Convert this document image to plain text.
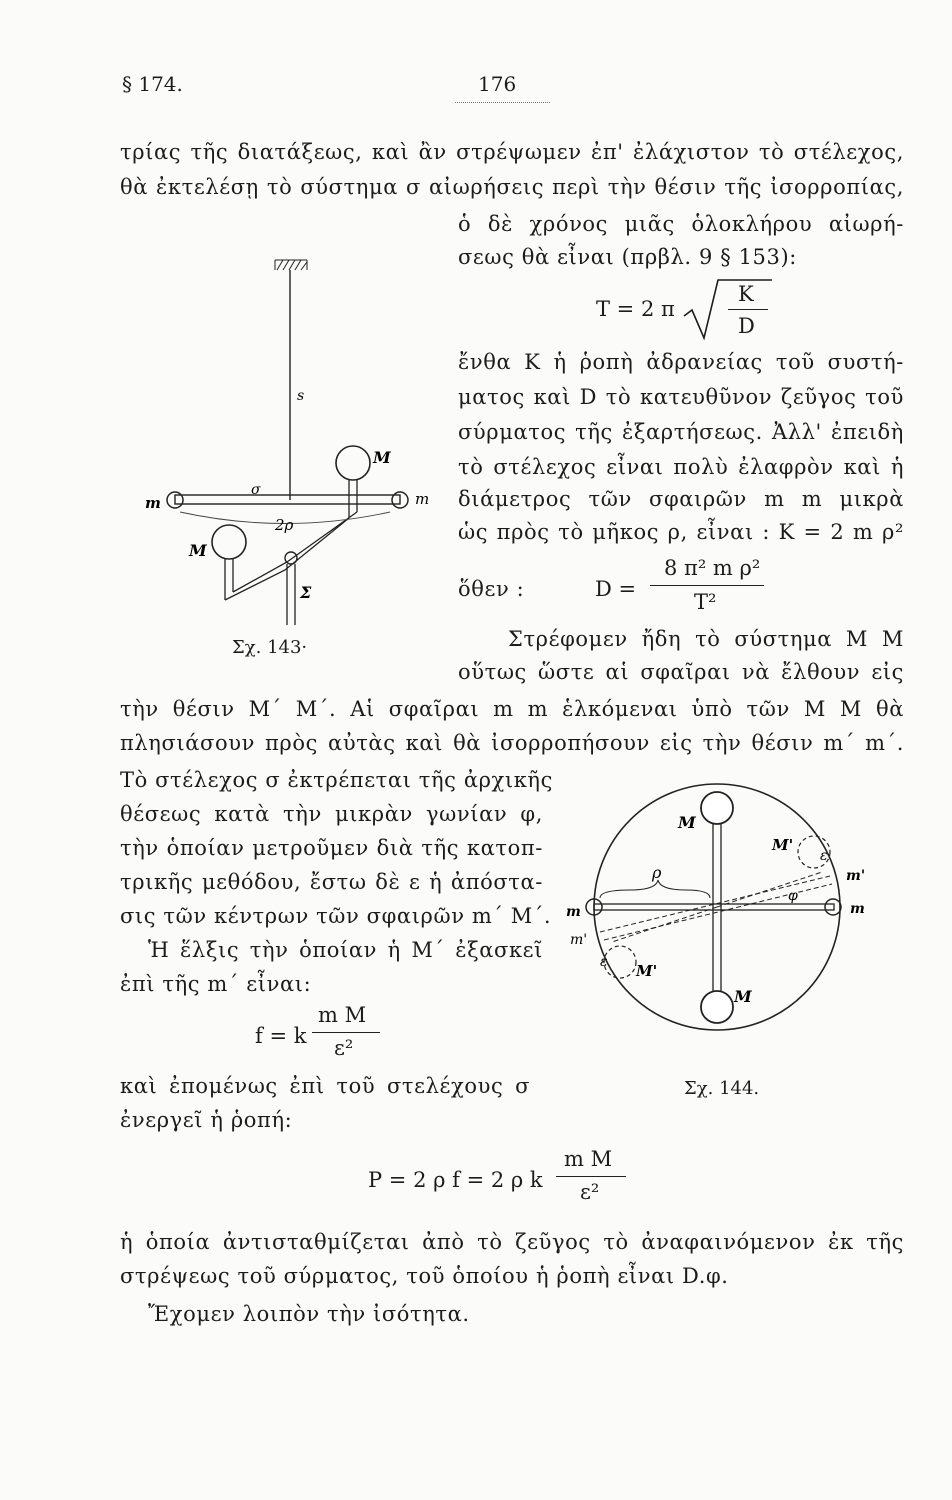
§ 174.	176
τρίας τῆς διατάξεως, καὶ ἂν στρέψωμεν ἐπ' ἐλάχιστον τὸ στέλεχος,
θὰ ἐκτελέσῃ τὸ σύστημα σ αἰωρήσεις περὶ τὴν θέσιν τῆς ἰσορροπίας,
ὁ δὲ χρόνος μιᾶς ὁλοκλήρου αἰωρή-
σεως θὰ εἶναι (πρβλ. 9 § 153):
T = 2 π
K
D
ἔνθα Κ ἡ ῥοπὴ ἀδρανείας τοῦ συστή-
ματος καὶ D τὸ κατευθῦνον ζεῦγος τοῦ
σύρματος τῆς ἐξαρτήσεως. Ἀλλ' ἐπειδὴ
τὸ στέλεχος εἶναι πολὺ ἐλαφρὸν καὶ ἡ
διάμετρος τῶν σφαιρῶν m m μικρὰ
ὡς πρὸς τὸ μῆκος ρ, εἶναι : Κ = 2 m ρ²
ὅθεν :	D =
8 π² m ρ²
T²
Στρέφομεν ἤδη τὸ σύστημα Μ Μ
οὕτως ὥστε αἱ σφαῖραι νὰ ἔλθουν εἰς
τὴν θέσιν Μ΄ Μ΄. Αἱ σφαῖραι m m ἑλκόμεναι ὑπὸ τῶν Μ Μ θὰ
πλησιάσουν πρὸς αὐτὰς καὶ θὰ ἰσορροπήσουν εἰς τὴν θέσιν m΄ m΄.
Τὸ στέλεχος σ ἐκτρέπεται τῆς ἀρχικῆς
θέσεως κατὰ τὴν μικρὰν γωνίαν φ,
τὴν ὁποίαν μετροῦμεν διὰ τῆς κατοπ-
τρικῆς μεθόδου, ἔστω δὲ ε ἡ ἀπόστα-
σις τῶν κέντρων τῶν σφαιρῶν m΄ Μ΄.
Ἡ ἕλξις τὴν ὁποίαν ἡ Μ΄ ἐξασκεῖ
ἐπὶ τῆς m΄ εἶναι:
f = k
m M
ε²
καὶ ἐπομένως ἐπὶ τοῦ στελέχους σ
ἐνεργεῖ ἡ ῥοπή:
P = 2 ρ f = 2 ρ k
m M
ε²
ἡ ὁποία ἀντισταθμίζεται ἀπὸ τὸ ζεῦγος τὸ ἀναφαινόμενον ἐκ τῆς
στρέψεως τοῦ σύρματος, τοῦ ὁποίου ἡ ῥοπὴ εἶναι D.φ.
Ἔχομεν λοιπὸν τὴν ἰσότητα.
s
M
m	m
σ
2ρ
M
Σ
Σχ. 143·
M
M'
ε
m'
ρ
φ
m	m
m'
ε M'
M
Σχ. 144.
